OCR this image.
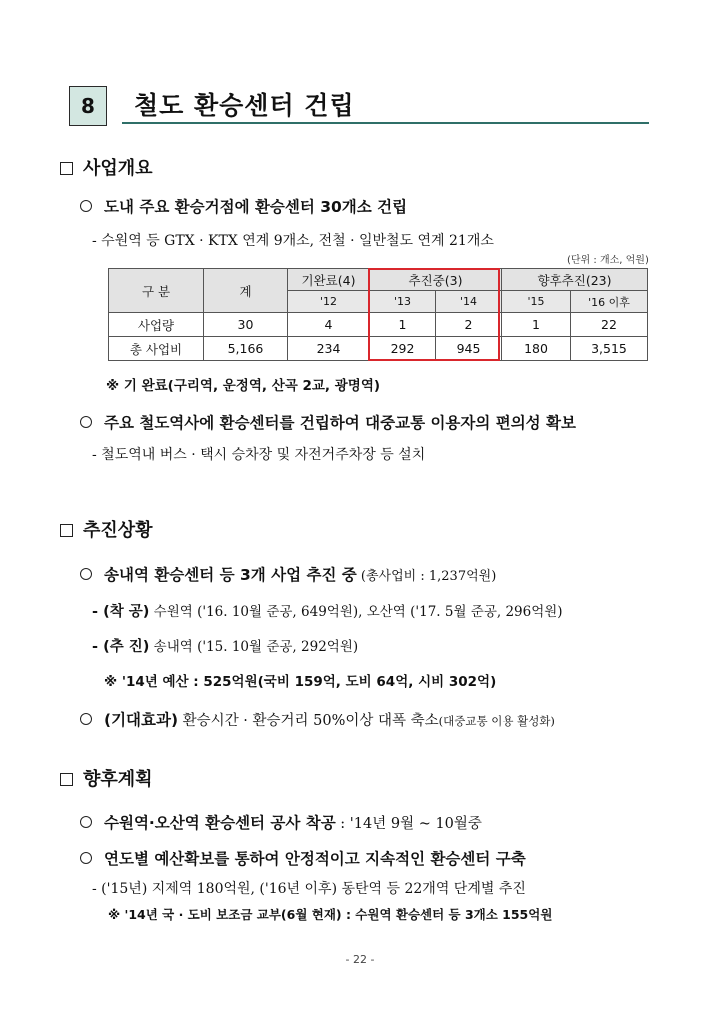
8	철도 환승센터 건립
사업개요
도내 주요 환승거점에 환승센터 30개소 건립
- 수원역 등 GTX · KTX 연계 9개소, 전철 · 일반철도 연계 21개소
(단위 : 개소, 억원)
구 분	계	기완료(4)	추진중(3)		향후추진(23)	
		'12	'13	'14	'15	'16 이후
사업량	30	4	1	2	1	22
총 사업비	5,166	234	292	945	180	3,515
※ 기 완료(구리역, 운정역, 산곡 2교, 광명역)
주요 철도역사에 환승센터를 건립하여 대중교통 이용자의 편의성 확보
- 철도역내 버스 · 택시 승차장 및 자전거주차장 등 설치
추진상황
송내역 환승센터 등 3개 사업 추진 중 (총사업비 : 1,237억원)
- (착 공) 수원역 ('16. 10월 준공, 649억원), 오산역 ('17. 5월 준공, 296억원)
- (추 진) 송내역 ('15. 10월 준공, 292억원)
※ '14년 예산 : 525억원(국비 159억, 도비 64억, 시비 302억)
(기대효과) 환승시간 · 환승거리 50%이상 대폭 축소(대중교통 이용 활성화)
향후계획
수원역·오산역 환승센터 공사 착공 : '14년 9월 ~ 10월중
연도별 예산확보를 통하여 안정적이고 지속적인 환승센터 구축
- ('15년) 지제역 180억원, ('16년 이후) 동탄역 등 22개역 단계별 추진
※ '14년 국 · 도비 보조금 교부(6월 현재) : 수원역 환승센터 등 3개소 155억원
- 22 -
